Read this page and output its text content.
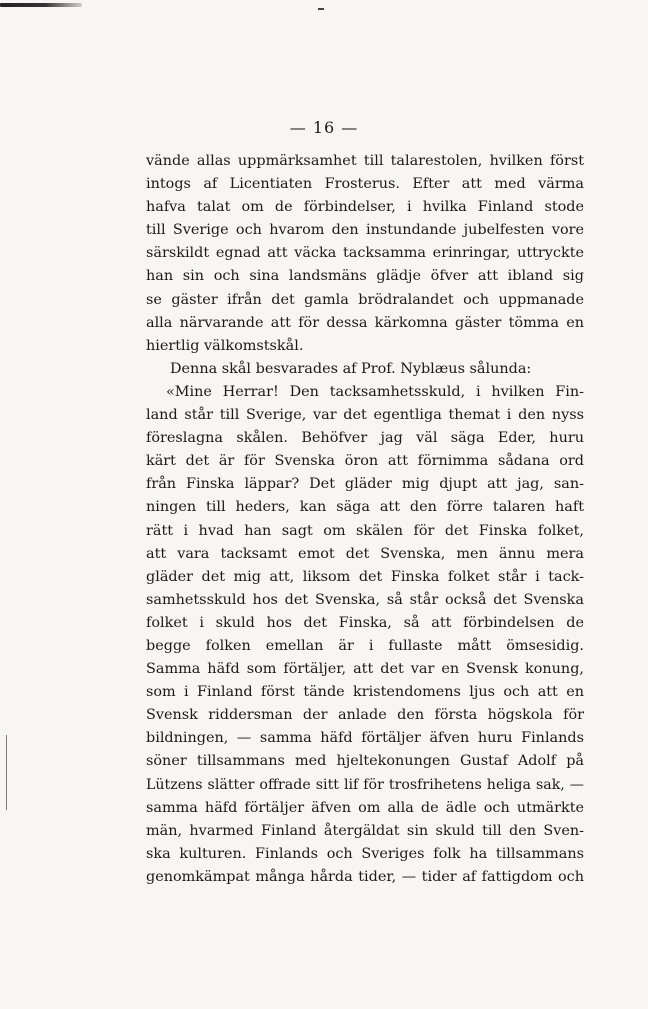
— 16 —
vände allas uppmärksamhet till talarestolen, hvilken först
intogs af Licentiaten Frosterus. Efter att med värma
hafva talat om de förbindelser, i hvilka Finland stode
till Sverige och hvarom den instundande jubelfesten vore
särskildt egnad att väcka tacksamma erinringar, uttryckte
han sin och sina landsmäns glädje öfver att ibland sig
se gäster ifrån det gamla brödralandet och uppmanade
alla närvarande att för dessa kärkomna gäster tömma en
hiertlig välkomstskål.
Denna skål besvarades af Prof. Nyblæus sålunda:
«Mine Herrar! Den tacksamhetsskuld, i hvilken Fin-
land står till Sverige, var det egentliga themat i den nyss
föreslagna skålen. Behöfver jag väl säga Eder, huru
kärt det är för Svenska öron att förnimma sådana ord
från Finska läppar? Det gläder mig djupt att jag, san-
ningen till heders, kan säga att den förre talaren haft
rätt i hvad han sagt om skälen för det Finska folket,
att vara tacksamt emot det Svenska, men ännu mera
gläder det mig att, liksom det Finska folket står i tack-
samhetsskuld hos det Svenska, så står också det Svenska
folket i skuld hos det Finska, så att förbindelsen de
begge folken emellan är i fullaste mått ömsesidig.
Samma häfd som förtäljer, att det var en Svensk konung,
som i Finland först tände kristendomens ljus och att en
Svensk riddersman der anlade den första högskola för
bildningen, — samma häfd förtäljer äfven huru Finlands
söner tillsammans med hjeltekonungen Gustaf Adolf på
Lützens slätter offrade sitt lif för trosfrihetens heliga sak, —
samma häfd förtäljer äfven om alla de ädle och utmärkte
män, hvarmed Finland återgäldat sin skuld till den Sven-
ska kulturen. Finlands och Sveriges folk ha tillsammans
genomkämpat många hårda tider, — tider af fattigdom och
